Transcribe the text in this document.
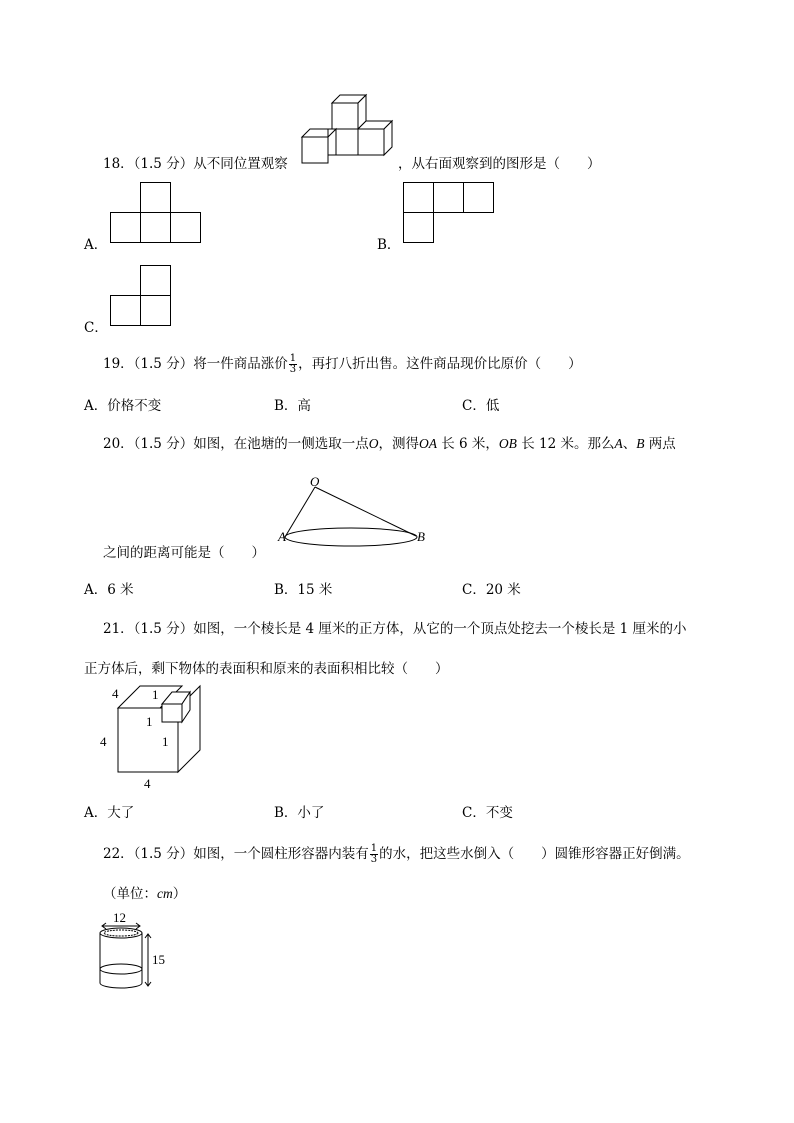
18．（1.5 分）从不同位置观察	，从右面观察到的图形是（　　）
A．	B．
C．
19．（1.5 分）将一件商品涨价 $\frac{1}{3}$ ，再打八折出售。这件商品现价比原价（　　）
A．价格不变	B．高	C．低
20．（1.5 分）如图，在池塘的一侧选取一点O，测得OA 长 6 米，OB 长 12 米。那么A、B 两点
O
A	B
之间的距离可能是（　　）
A．6 米	B．15 米	C．20 米
21．（1.5 分）如图，一个棱长是 4 厘米的正方体，从它的一个顶点处挖去一个棱长是 1 厘米的小
正方体后，剩下物体的表面积和原来的表面积相比较（　　）
4	1
1
1
4
4
A．大了	B．小了	C．不变
22．（1.5 分）如图，一个圆柱形容器内装有 $\frac{1}{3}$ 的水，把这些水倒入（　　）圆锥形容器正好倒满。
（单位：cm）
12
15
